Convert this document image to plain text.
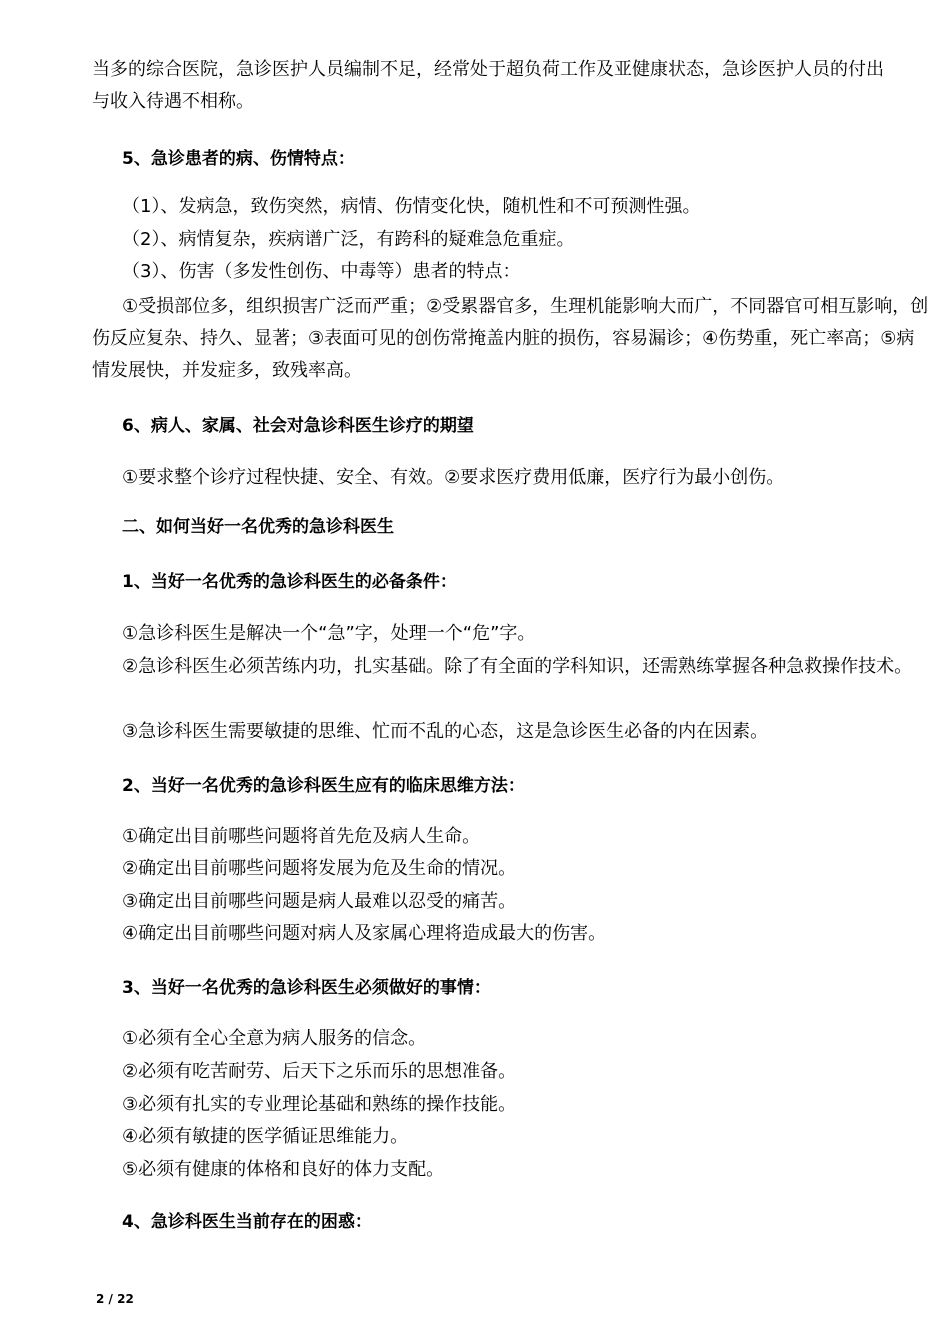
当多的综合医院，急诊医护人员编制不足，经常处于超负荷工作及亚健康状态，急诊医护人员的付出

与收入待遇不相称。

5、急诊患者的病、伤情特点：

（1）、发病急，致伤突然，病情、伤情变化快，随机性和不可预测性强。

（2）、病情复杂，疾病谱广泛，有跨科的疑难急危重症。

（3）、伤害（多发性创伤、中毒等）患者的特点：

①受损部位多，组织损害广泛而严重；②受累器官多，生理机能影响大而广，不同器官可相互影响，创伤反应复杂、持久、显著；③表面可见的创伤常掩盖内脏的损伤，容易漏诊；④伤势重，死亡率高；⑤病情发展快，并发症多，致残率高。

6、病人、家属、社会对急诊科医生诊疗的期望

①要求整个诊疗过程快捷、安全、有效。②要求医疗费用低廉，医疗行为最小创伤。

二、如何当好一名优秀的急诊科医生

1、当好一名优秀的急诊科医生的必备条件：

①急诊科医生是解决一个“急”字，处理一个“危”字。

②急诊科医生必须苦练内功，扎实基础。除了有全面的学科知识，还需熟练掌握各种急救操作技术。

③急诊科医生需要敏捷的思维、忙而不乱的心态，这是急诊医生必备的内在因素。

2、当好一名优秀的急诊科医生应有的临床思维方法：

①确定出目前哪些问题将首先危及病人生命。

②确定出目前哪些问题将发展为危及生命的情况。

③确定出目前哪些问题是病人最难以忍受的痛苦。

④确定出目前哪些问题对病人及家属心理将造成最大的伤害。

3、当好一名优秀的急诊科医生必须做好的事情：

①必须有全心全意为病人服务的信念。

②必须有吃苦耐劳、后天下之乐而乐的思想准备。

③必须有扎实的专业理论基础和熟练的操作技能。

④必须有敏捷的医学循证思维能力。

⑤必须有健康的体格和良好的体力支配。

4、急诊科医生当前存在的困惑：

2 / 22
